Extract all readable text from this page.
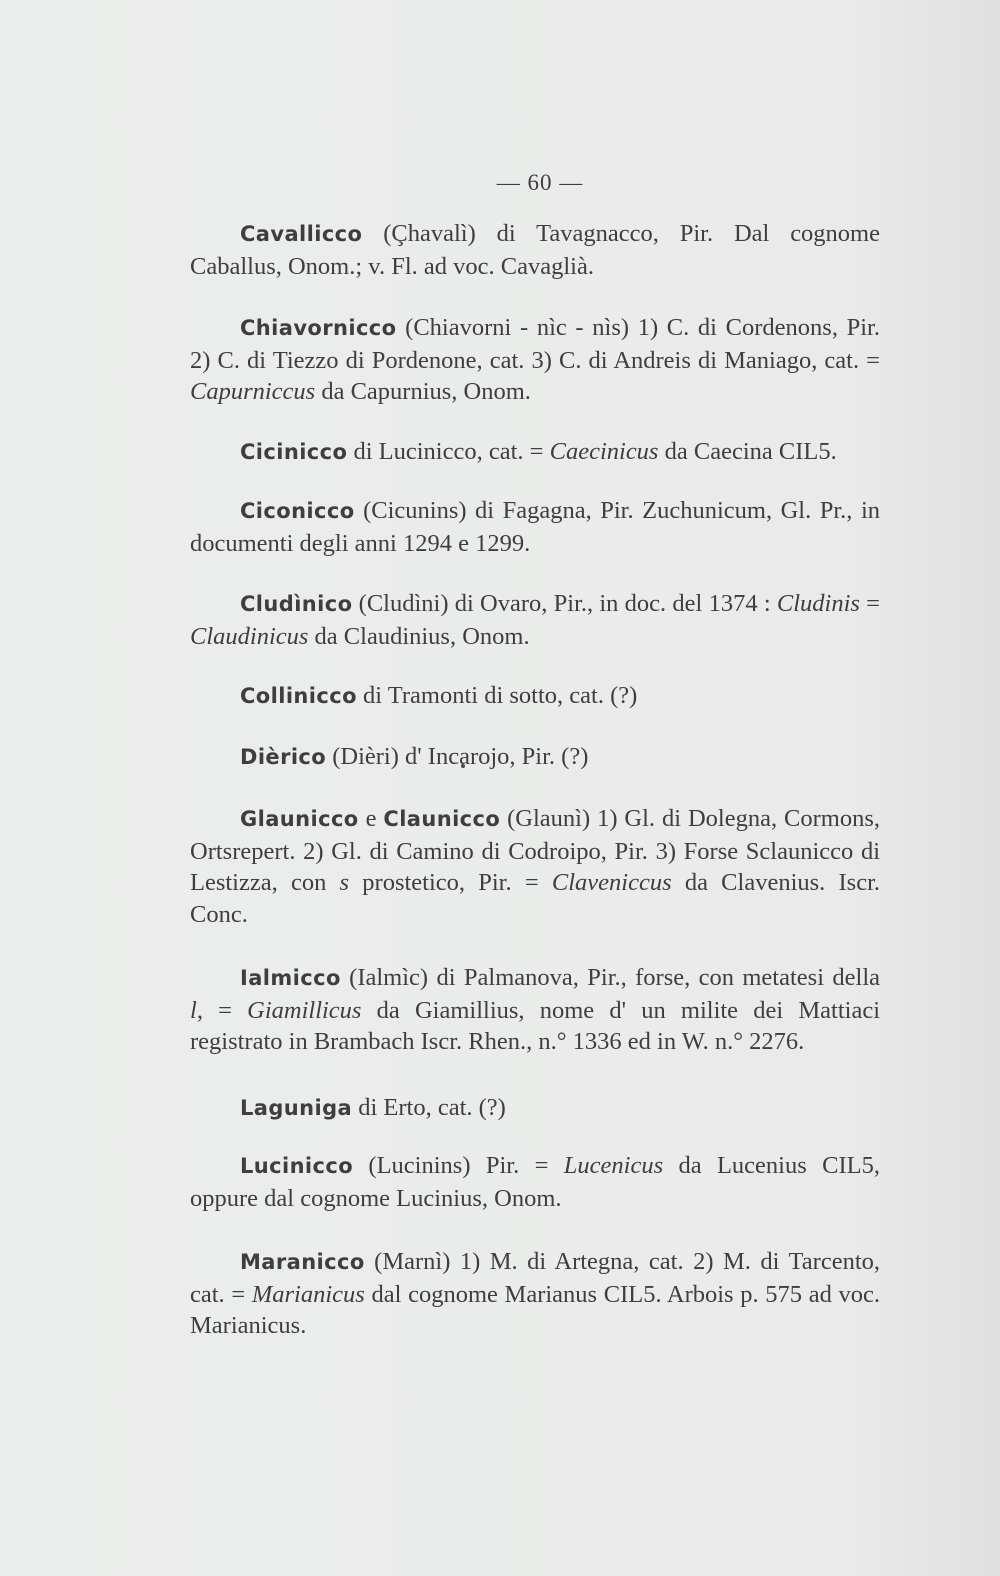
— 60 —

Cavallicco (Çhavalì) di Tavagnacco, Pir. Dal cognome Caballus, Onom.; v. Fl. ad voc. Cavaglià.

Chiavornicco (Chiavorni - nìc - nìs) 1) C. di Cordenons, Pir. 2) C. di Tiezzo di Pordenone, cat. 3) C. di Andreis di Maniago, cat. = Capurniccus da Capurnius, Onom.

Cicinicco di Lucinicco, cat. = Caecinicus da Caecina CIL5.

Ciconicco (Cicunins) di Fagagna, Pir. Zuchunicum, Gl. Pr., in documenti degli anni 1294 e 1299.

Cludìnico (Cludìni) di Ovaro, Pir., in doc. del 1374 : Cludinis = Claudinicus da Claudinius, Onom.

Collinicco di Tramonti di sotto, cat. (?)

Dièrico (Dièri) d' Incarojo, Pir. (?)

Glaunicco e Claunicco (Glaunì) 1) Gl. di Dolegna, Cormons, Ortsrepert. 2) Gl. di Camino di Codroipo, Pir. 3) Forse Sclaunicco di Lestizza, con s prostetico, Pir. = Claveniccus da Clavenius. Iscr. Conc.

Ialmicco (Ialmìc) di Palmanova, Pir., forse, con metatesi della l, = Giamillicus da Giamillius, nome d' un milite dei Mattiaci registrato in Brambach Iscr. Rhen., n.° 1336 ed in W. n.° 2276.

Laguniga di Erto, cat. (?)

Lucinicco (Lucinins) Pir. = Lucenicus da Lucenius CIL5, oppure dal cognome Lucinius, Onom.

Maranicco (Marnì) 1) M. di Artegna, cat. 2) M. di Tarcento, cat. = Marianicus dal cognome Marianus CIL5. Arbois p. 575 ad voc. Marianicus.
